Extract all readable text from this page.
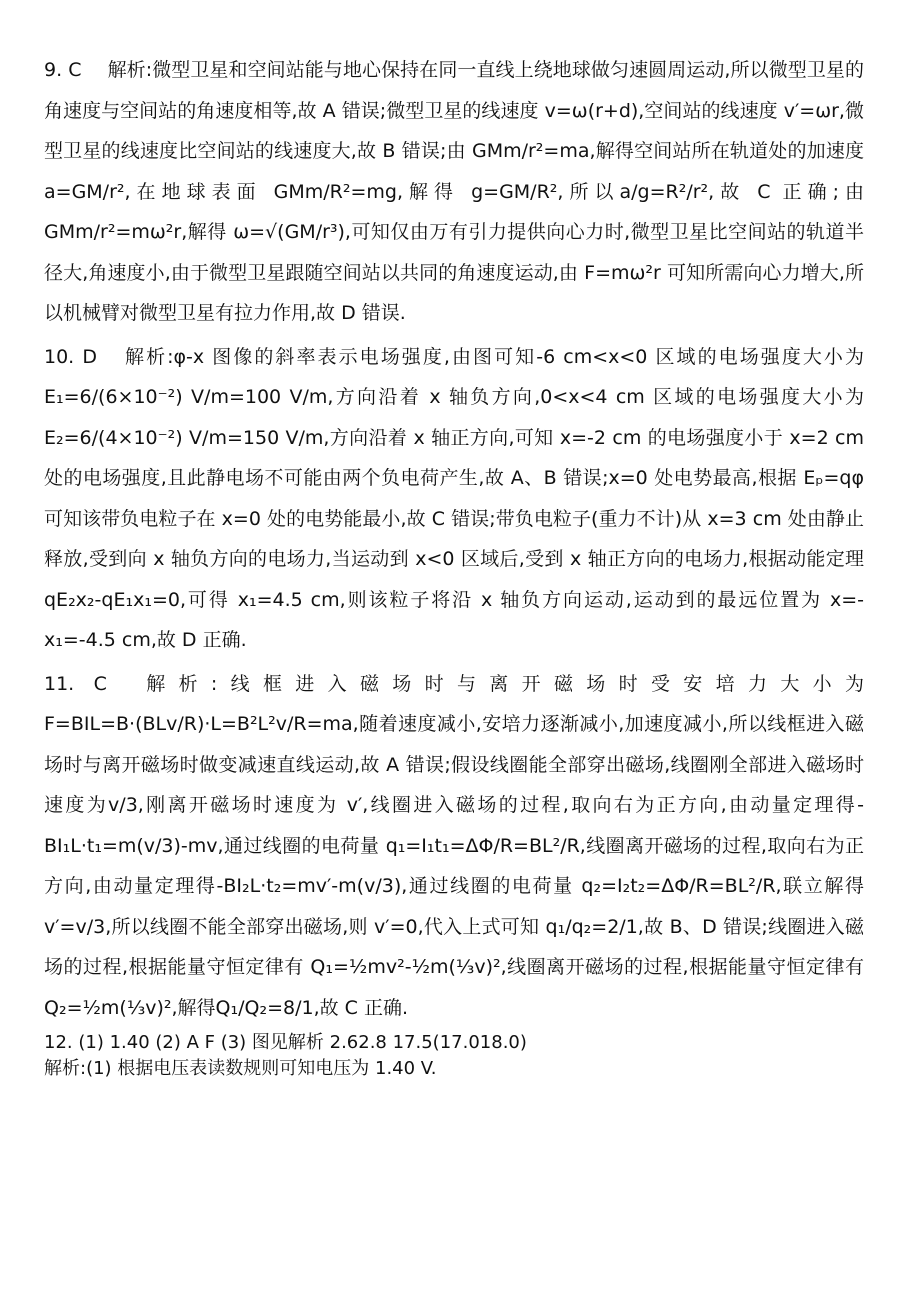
9. C 解析:微型卫星和空间站能与地心保持在同一直线上绕地球做匀速圆周运动,所以微型卫星的角速度与空间站的角速度相等,故 A 错误;微型卫星的线速度 v=ω(r+d),空间站的线速度 v′=ωr,微型卫星的线速度比空间站的线速度大,故 B 错误;由 GMm/r²=ma,解得空间站所在轨道处的加速度 a=GM/r²,在地球表面 GMm/R²=mg,解得 g=GM/R²,所以a/g=R²/r²,故 C 正确;由 GMm/r²=mω²r,解得 ω=√(GM/r³),可知仅由万有引力提供向心力时,微型卫星比空间站的轨道半径大,角速度小,由于微型卫星跟随空间站以共同的角速度运动,由 F=mω²r 可知所需向心力增大,所以机械臂对微型卫星有拉力作用,故 D 错误.

10. D 解析:φ-x 图像的斜率表示电场强度,由图可知-6 cm<x<0 区域的电场强度大小为 E₁=6/(6×10⁻²) V/m=100 V/m,方向沿着 x 轴负方向,0<x<4 cm 区域的电场强度大小为 E₂=6/(4×10⁻²) V/m=150 V/m,方向沿着 x 轴正方向,可知 x=-2 cm 的电场强度小于 x=2 cm 处的电场强度,且此静电场不可能由两个负电荷产生,故 A、B 错误;x=0 处电势最高,根据 Eₚ=qφ 可知该带负电粒子在 x=0 处的电势能最小,故 C 错误;带负电粒子(重力不计)从 x=3 cm 处由静止释放,受到向 x 轴负方向的电场力,当运动到 x<0 区域后,受到 x 轴正方向的电场力,根据动能定理 qE₂x₂-qE₁x₁=0,可得 x₁=4.5 cm,则该粒子将沿 x 轴负方向运动,运动到的最远位置为 x=-x₁=-4.5 cm,故 D 正确.

11. C 解析:线框进入磁场时与离开磁场时受安培力大小为 F=BIL=B·(BLv/R)·L=B²L²v/R=ma,随着速度减小,安培力逐渐减小,加速度减小,所以线框进入磁场时与离开磁场时做变减速直线运动,故 A 错误;假设线圈能全部穿出磁场,线圈刚全部进入磁场时速度为v/3,刚离开磁场时速度为 v′,线圈进入磁场的过程,取向右为正方向,由动量定理得-BI₁L·t₁=m(v/3)-mv,通过线圈的电荷量 q₁=I₁t₁=ΔΦ/R=BL²/R,线圈离开磁场的过程,取向右为正方向,由动量定理得-BI₂L·t₂=mv′-m(v/3),通过线圈的电荷量 q₂=I₂t₂=ΔΦ/R=BL²/R,联立解得 v′=v/3,所以线圈不能全部穿出磁场,则 v′=0,代入上式可知 q₁/q₂=2/1,故 B、D 错误;线圈进入磁场的过程,根据能量守恒定律有 Q₁=½mv²-½m(⅓v)²,线圈离开磁场的过程,根据能量守恒定律有 Q₂=½m(⅓v)²,解得Q₁/Q₂=8/1,故 C 正确.

12. (1) 1.40 (2) A F (3) 图见解析 2.62.8 17.5(17.018.0)

解析:(1) 根据电压表读数规则可知电压为 1.40 V.
